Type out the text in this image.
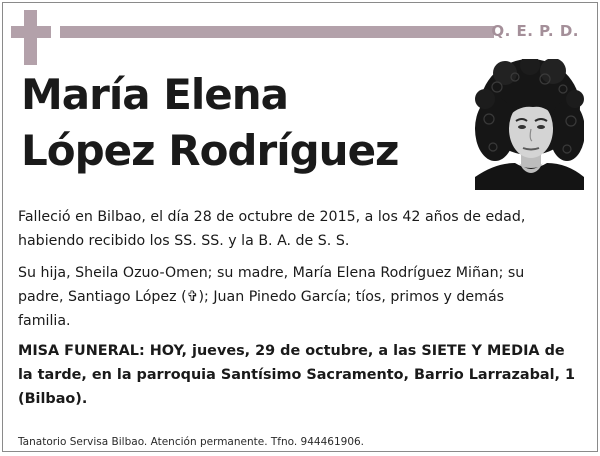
Q. E. P. D.
María Elena
López Rodríguez
Falleció en Bilbao, el día 28 de octubre de 2015, a los 42 años de edad,
habiendo recibido los SS. SS. y la B. A. de S. S.
Su hija, Sheila Ozuo-Omen; su madre, María Elena Rodríguez Miñan; su
padre, Santiago López (✞); Juan Pinedo García; tíos, primos y demás
familia.
MISA FUNERAL: HOY, jueves, 29 de octubre, a las SIETE Y MEDIA de
la tarde, en la parroquia Santísimo Sacramento, Barrio Larrazabal, 1
(Bilbao).
Tanatorio Servisa Bilbao. Atención permanente. Tfno. 944461906.
